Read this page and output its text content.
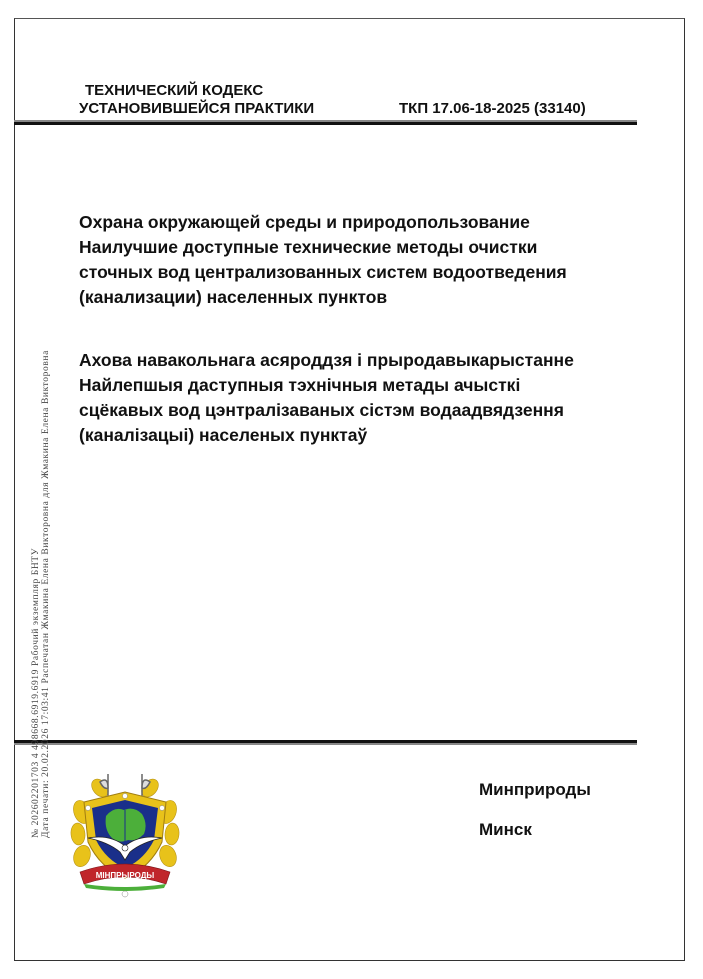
ТЕХНИЧЕСКИЙ КОДЕКС
УСТАНОВИВШЕЙСЯ ПРАКТИКИ	ТКП 17.06-18-2025 (33140)
Охрана окружающей среды и природопользование
Наилучшие доступные технические методы очистки
сточных вод централизованных систем водоотведения
(канализации) населенных пунктов
Ахова навакольнага асяроддзя і прыродавыкарыстанне
Найлепшыя даступныя тэхнічныя метады ачысткі
сцёкавых вод цэнтралізаваных сістэм водаадвядзення
(каналізацыі) населеных пунктаў
№ 202602201703 4 498668.6919.6919 Рабочий экземпляр БНТУ Дата печати: 20.02.2026 17:03:41 Распечатан Жмакина Елена Викторовна для Жмакина Елена Викторовна
МІНПРЫРОДЫ
Минприроды
Минск
